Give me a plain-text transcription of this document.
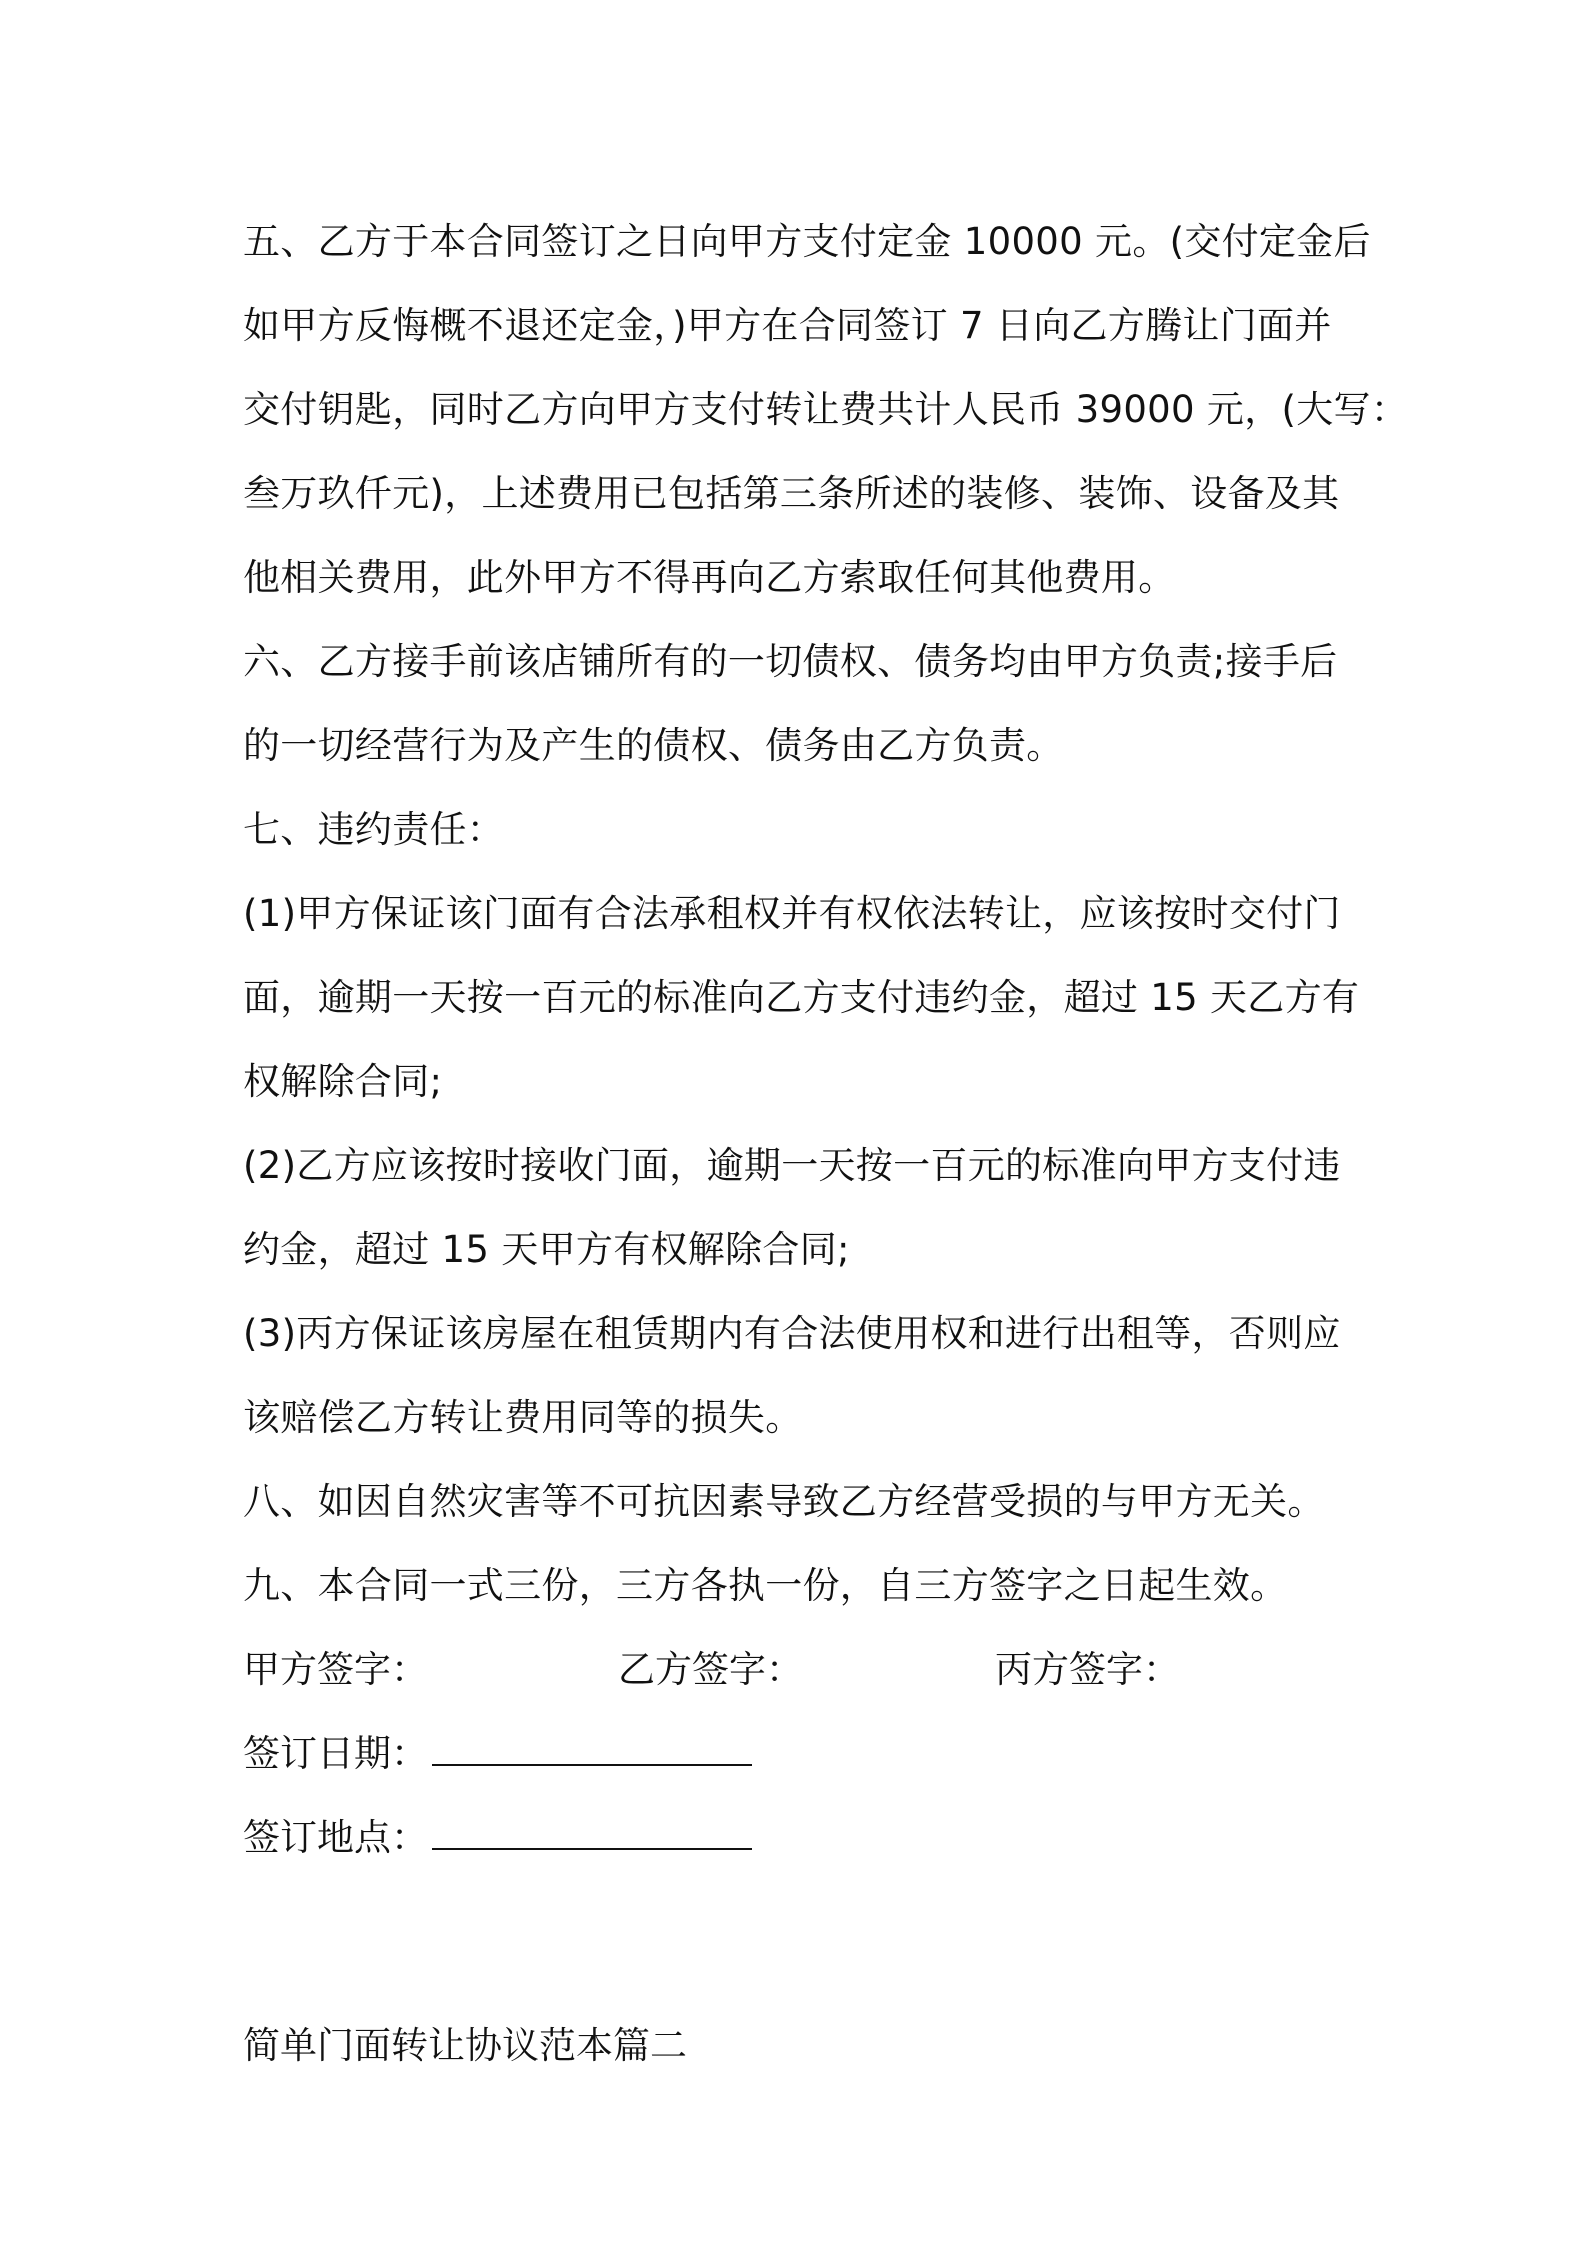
五、乙方于本合同签订之日向甲方支付定金 10000 元。(交付定金后
如甲方反悔概不退还定金，)甲方在合同签订 7 日向乙方腾让门面并
交付钥匙，同时乙方向甲方支付转让费共计人民币 39000 元，(大写：
叁万玖仟元)，上述费用已包括第三条所述的装修、装饰、设备及其
他相关费用，此外甲方不得再向乙方索取任何其他费用。
六、乙方接手前该店铺所有的一切债权、债务均由甲方负责;接手后
的一切经营行为及产生的债权、债务由乙方负责。
七、违约责任：
(1)甲方保证该门面有合法承租权并有权依法转让，应该按时交付门
面，逾期一天按一百元的标准向乙方支付违约金，超过 15 天乙方有
权解除合同;
(2)乙方应该按时接收门面，逾期一天按一百元的标准向甲方支付违
约金，超过 15 天甲方有权解除合同;
(3)丙方保证该房屋在租赁期内有合法使用权和进行出租等，否则应
该赔偿乙方转让费用同等的损失。
八、如因自然灾害等不可抗因素导致乙方经营受损的与甲方无关。
九、本合同一式三份，三方各执一份，自三方签字之日起生效。
甲方签字：	乙方签字：	丙方签字：
签订日期：
签订地点：
简单门面转让协议范本篇二
